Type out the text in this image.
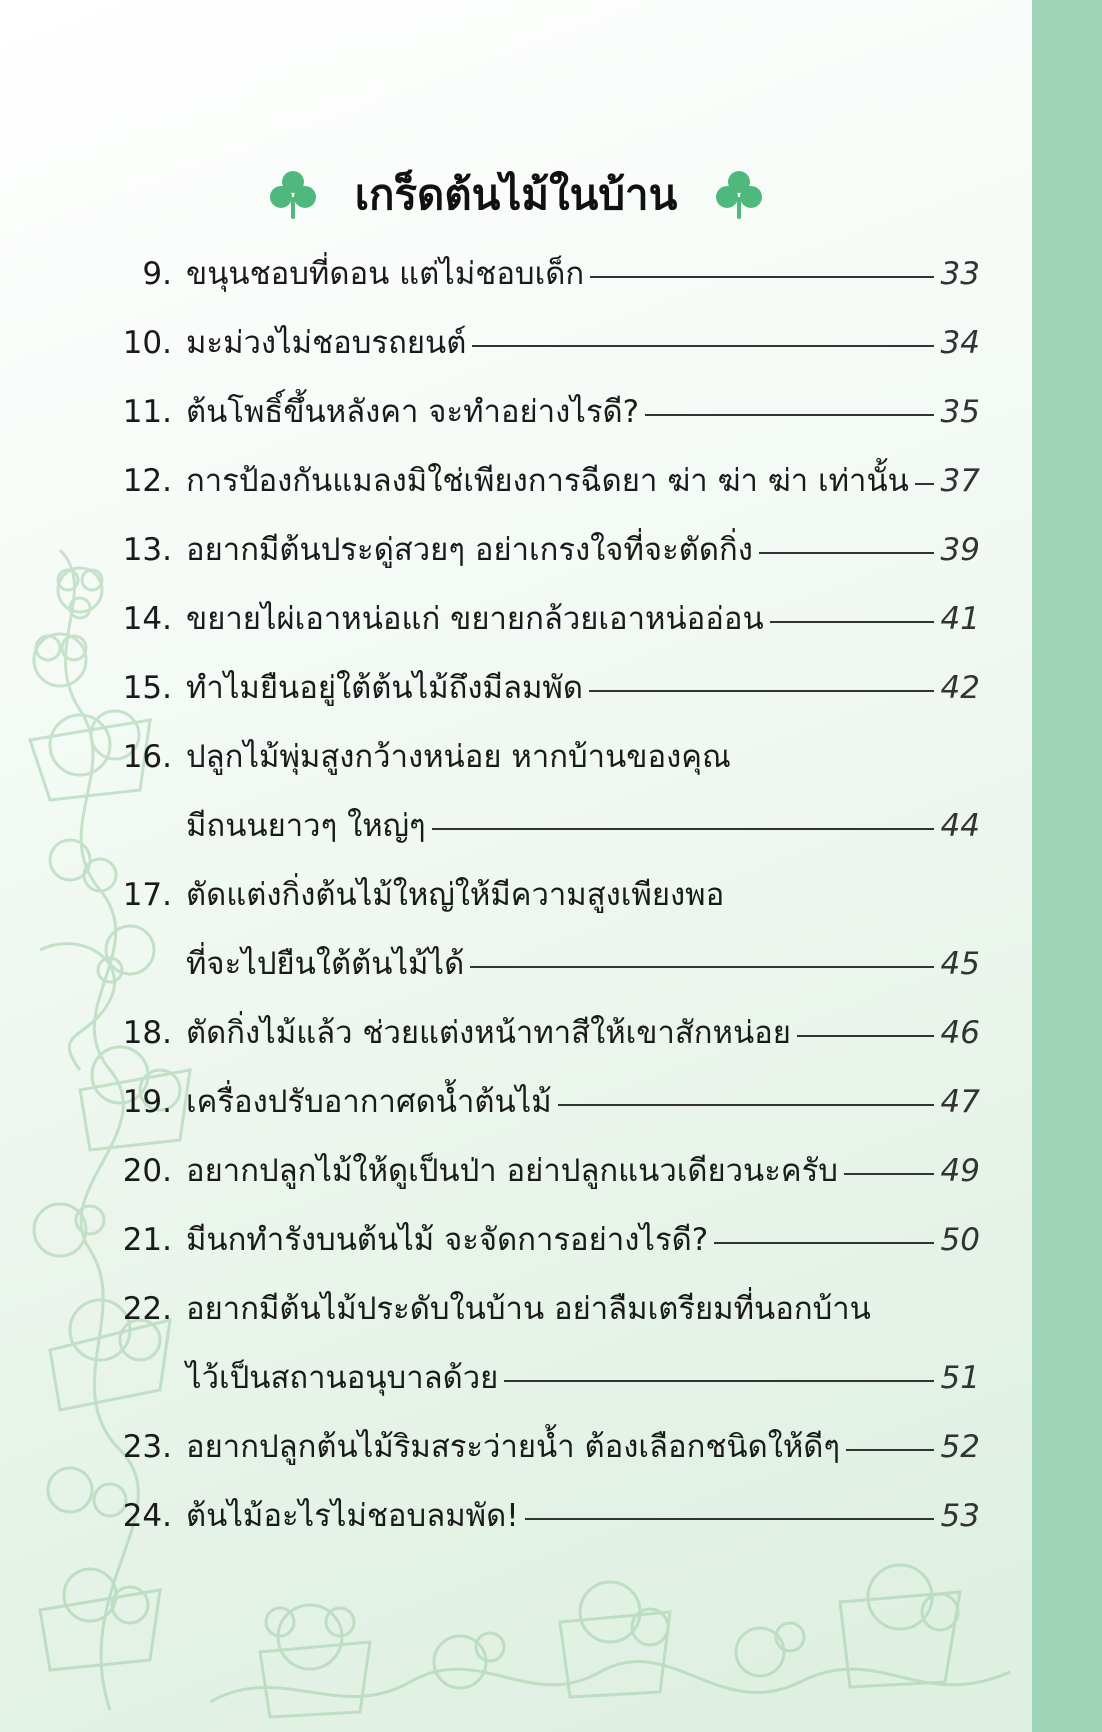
เกร็ดต้นไม้ในบ้าน
9. ขนุนชอบที่ดอน แต่ไม่ชอบเด็ก	33
10. มะม่วงไม่ชอบรถยนต์	34
11. ต้นโพธิ์ขึ้นหลังคา จะทำอย่างไรดี?	35
12. การป้องกันแมลงมิใช่เพียงการฉีดยา ฆ่า ฆ่า ฆ่า เท่านั้น 37
13. อยากมีต้นประดู่สวยๆ อย่าเกรงใจที่จะตัดกิ่ง	39
14. ขยายไผ่เอาหน่อแก่ ขยายกล้วยเอาหน่ออ่อน	41
15. ทำไมยืนอยู่ใต้ต้นไม้ถึงมีลมพัด	42
16. ปลูกไม้พุ่มสูงกว้างหน่อย หากบ้านของคุณ
มีถนนยาวๆ ใหญ่ๆ	44
17. ตัดแต่งกิ่งต้นไม้ใหญ่ให้มีความสูงเพียงพอ
ที่จะไปยืนใต้ต้นไม้ได้	45
18. ตัดกิ่งไม้แล้ว ช่วยแต่งหน้าทาสีให้เขาสักหน่อย	46
19. เครื่องปรับอากาศดน้ำต้นไม้	47
20. อยากปลูกไม้ให้ดูเป็นป่า อย่าปลูกแนวเดียวนะครับ	49
21. มีนกทำรังบนต้นไม้ จะจัดการอย่างไรดี?	50
22. อยากมีต้นไม้ประดับในบ้าน อย่าลืมเตรียมที่นอกบ้าน
ไว้เป็นสถานอนุบาลด้วย	51
23. อยากปลูกต้นไม้ริมสระว่ายน้ำ ต้องเลือกชนิดให้ดีๆ	52
24. ต้นไม้อะไรไม่ชอบลมพัด!	53
